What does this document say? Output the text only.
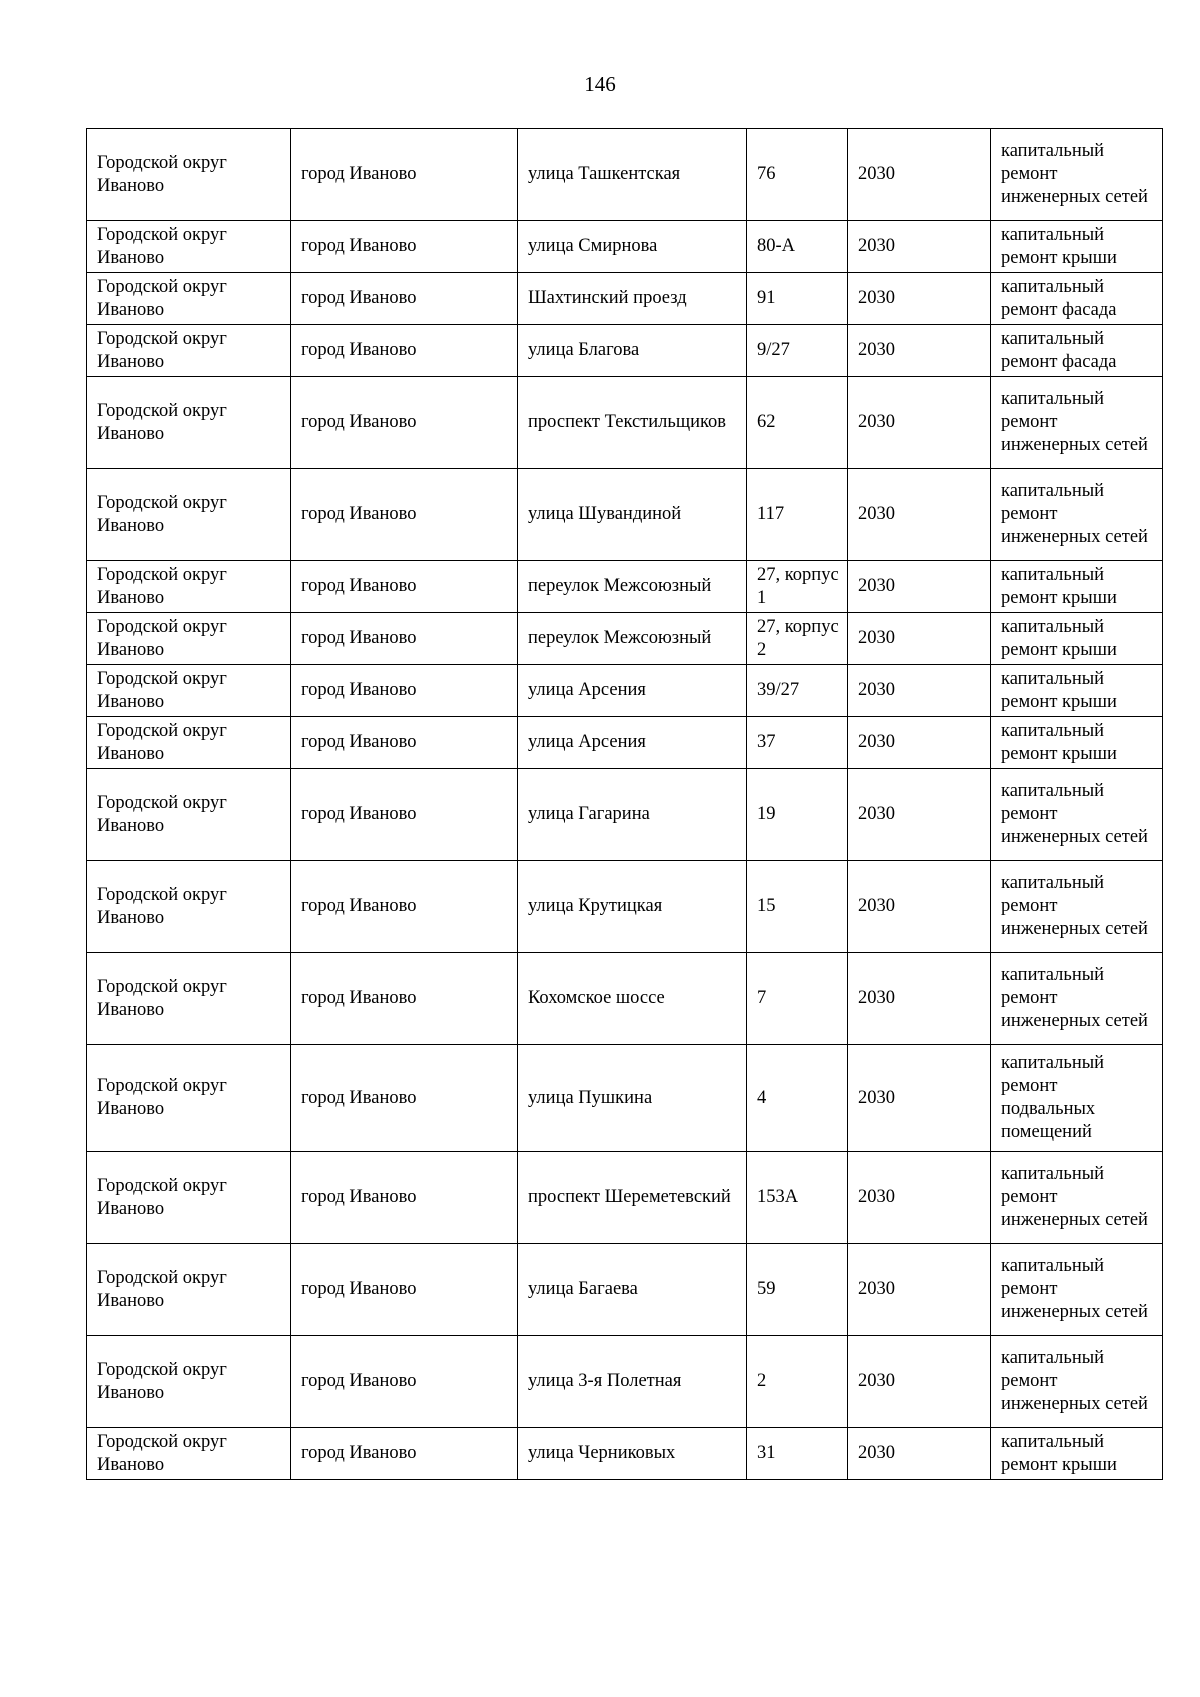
146
Городской округ Иваново	город Иваново	улица Ташкентская	76	2030	капитальный ремонт инженерных сетей

Городской округ Иваново	город Иваново	улица Смирнова	80-А	2030	капитальный ремонт крыши

Городской округ Иваново	город Иваново	Шахтинский проезд	91	2030	капитальный ремонт фасада

Городской округ Иваново	город Иваново	улица Благова	9/27	2030	капитальный ремонт фасада

Городской округ Иваново	город Иваново	проспект Текстильщиков	62	2030	капитальный ремонт инженерных сетей

Городской округ Иваново	город Иваново	улица Шувандиной	117	2030	капитальный ремонт инженерных сетей

Городской округ Иваново	город Иваново	переулок Межсоюзный	27, корпус 1	2030	капитальный ремонт крыши

Городской округ Иваново	город Иваново	переулок Межсоюзный	27, корпус 2	2030	капитальный ремонт крыши

Городской округ Иваново	город Иваново	улица Арсения	39/27	2030	капитальный ремонт крыши

Городской округ Иваново	город Иваново	улица Арсения	37	2030	капитальный ремонт крыши

Городской округ Иваново	город Иваново	улица Гагарина	19	2030	капитальный ремонт инженерных сетей

Городской округ Иваново	город Иваново	улица Крутицкая	15	2030	капитальный ремонт инженерных сетей

Городской округ Иваново	город Иваново	Кохомское шоссе	7	2030	капитальный ремонт инженерных сетей

Городской округ Иваново	город Иваново	улица Пушкина	4	2030	капитальный ремонт подвальных помещений

Городской округ Иваново	город Иваново	проспект Шереметевский	153А	2030	капитальный ремонт инженерных сетей

Городской округ Иваново	город Иваново	улица Багаева	59	2030	капитальный ремонт инженерных сетей

Городской округ Иваново	город Иваново	улица 3-я Полетная	2	2030	капитальный ремонт инженерных сетей

Городской округ Иваново	город Иваново	улица Черниковых	31	2030	капитальный ремонт крыши
